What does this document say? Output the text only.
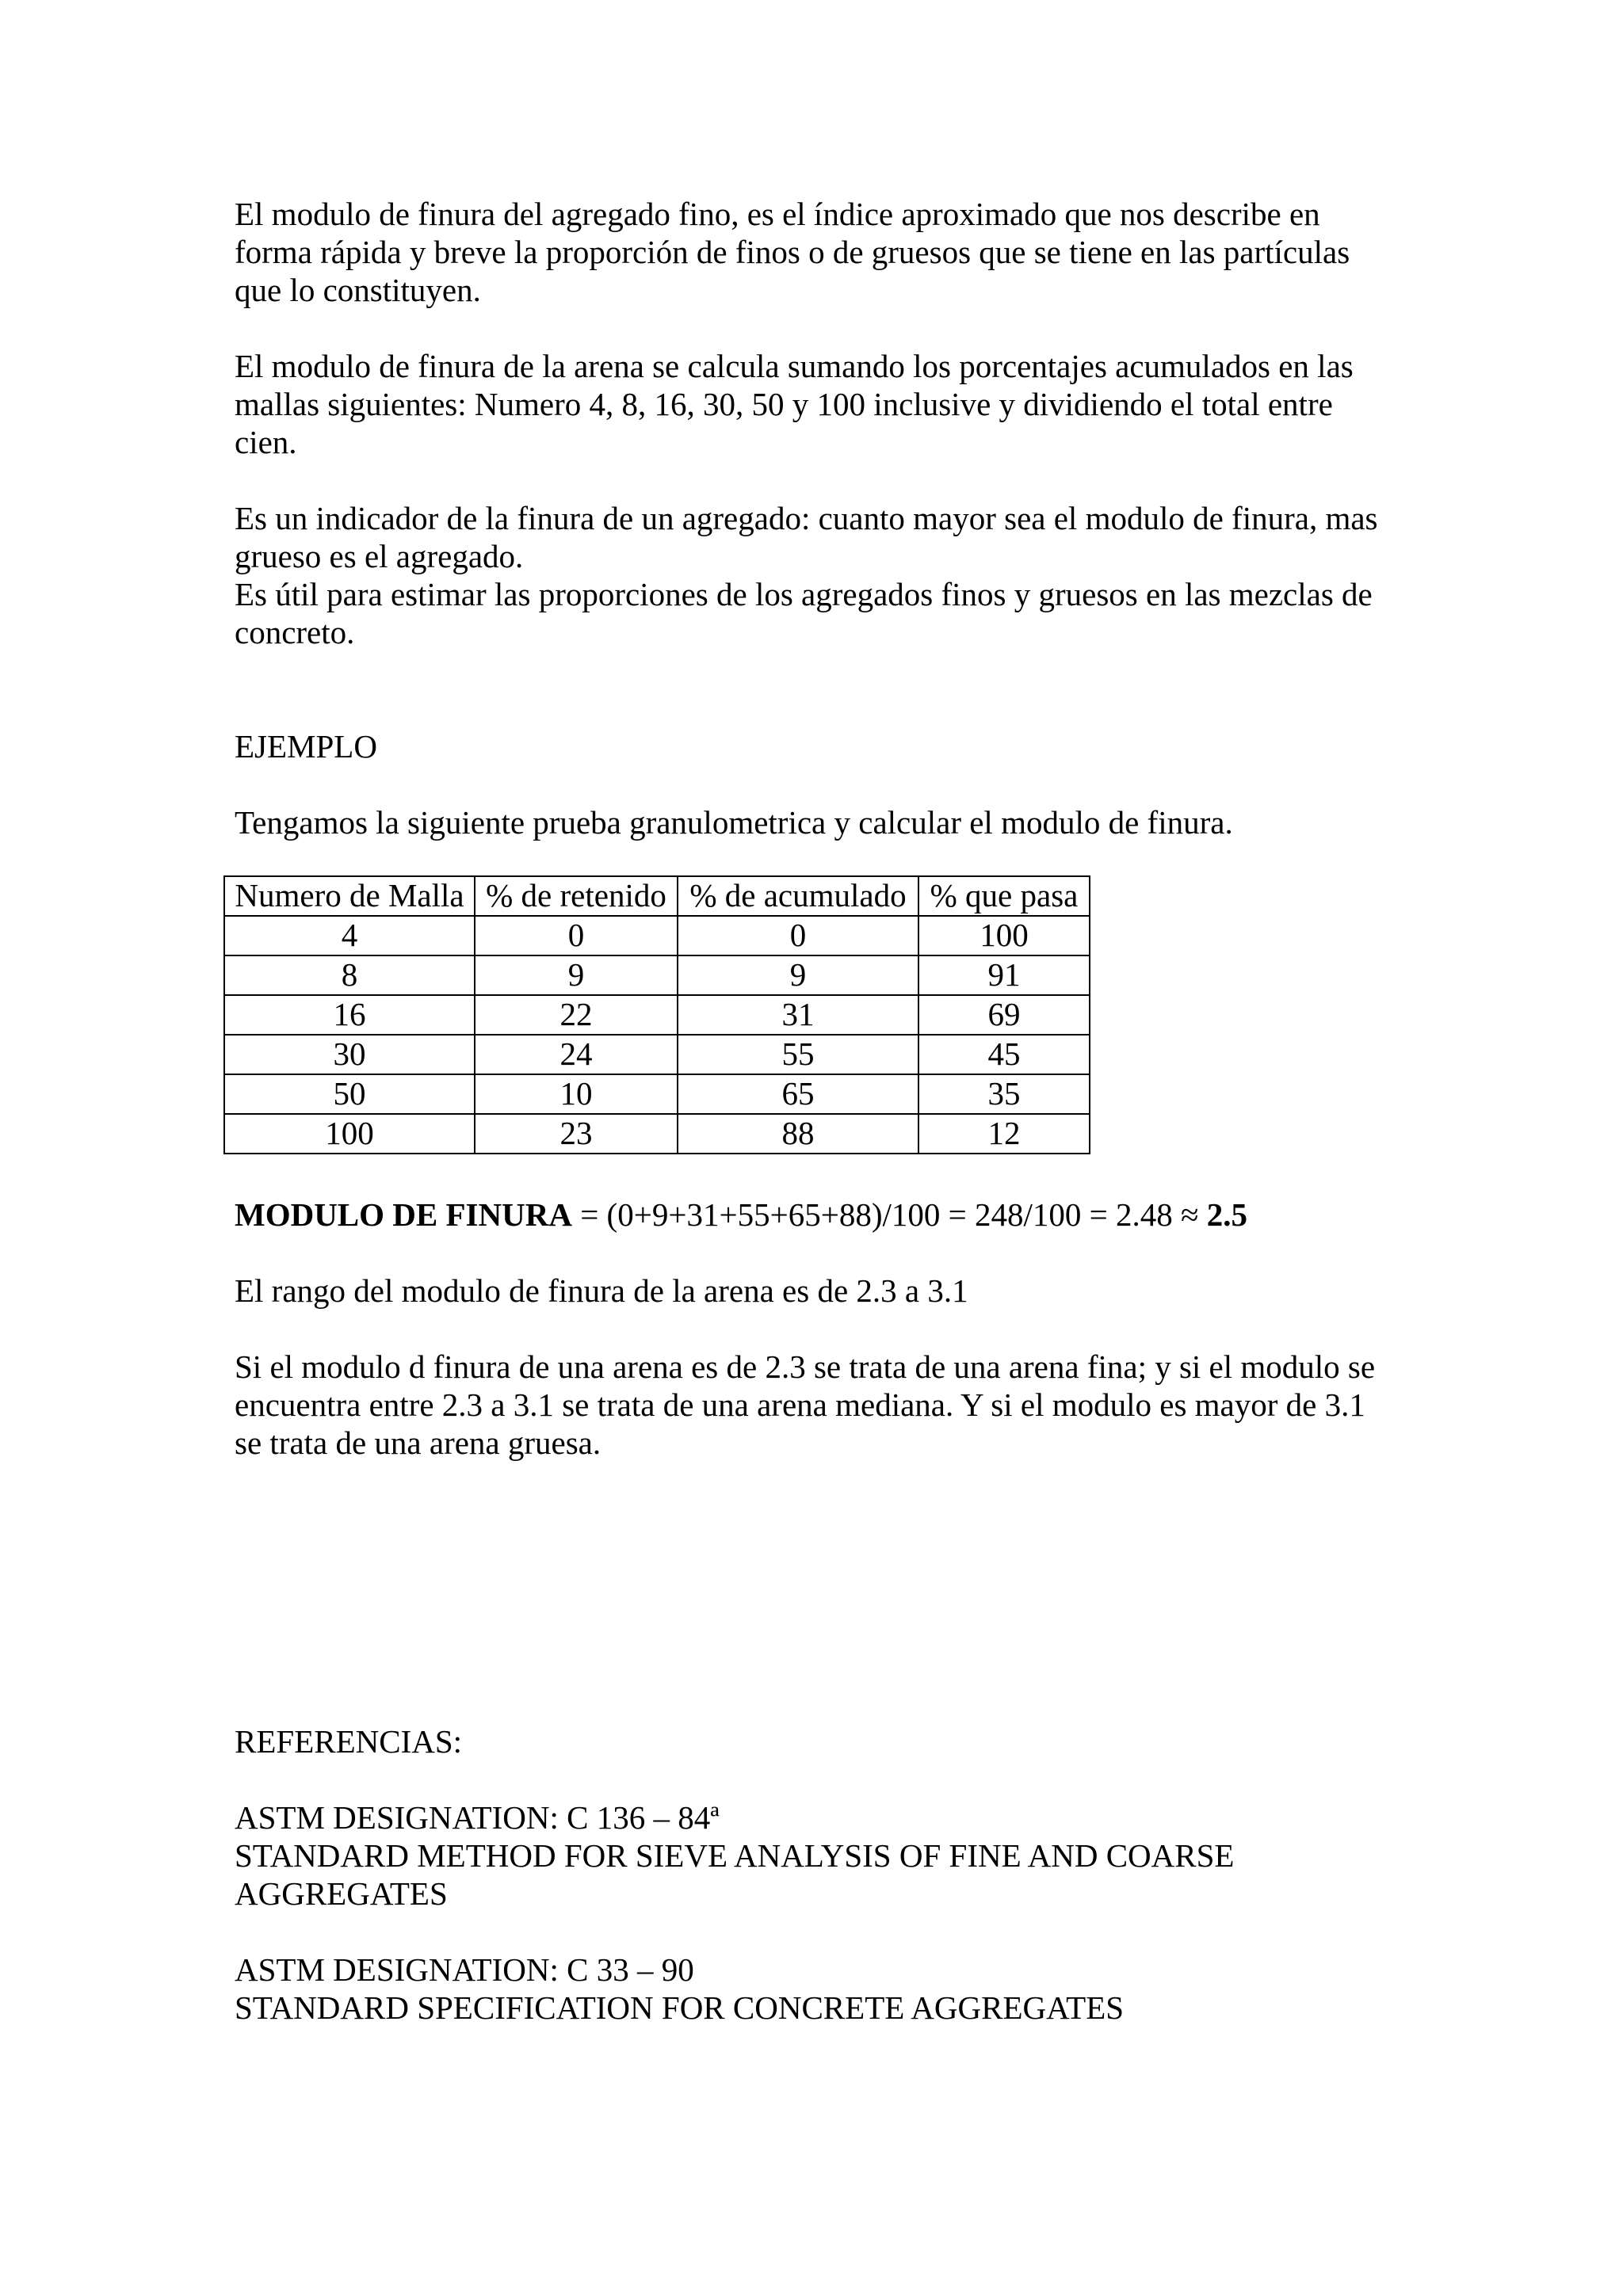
El modulo de finura del agregado fino, es el índice aproximado que nos describe en
forma rápida y breve la proporción de finos o de gruesos que se tiene en las partículas
que lo constituyen.

El modulo de finura de la arena se calcula sumando los porcentajes acumulados en las
mallas siguientes: Numero 4, 8, 16, 30, 50 y 100 inclusive y dividiendo el total entre
cien.

Es un indicador de la finura de un agregado: cuanto mayor sea el modulo de finura, mas
grueso es el agregado.
Es útil para estimar las proporciones de los agregados finos y gruesos en las mezclas de
concreto.

EJEMPLO

Tengamos la siguiente prueba granulometrica y calcular el modulo de finura.

Numero de Malla	% de retenido	% de acumulado	% que pasa
4	0	0	100
8	9	9	91
16	22	31	69
30	24	55	45
50	10	65	35
100	23	88	12

MODULO DE FINURA = (0+9+31+55+65+88)/100 = 248/100 = 2.48 ≈ 2.5

El rango del modulo de finura de la arena es de 2.3 a 3.1

Si el modulo d finura de una arena es de 2.3 se trata de una arena fina; y si el modulo se
encuentra entre 2.3 a 3.1 se trata de una arena mediana. Y si el modulo es mayor de 3.1
se trata de una arena gruesa.

REFERENCIAS:

ASTM DESIGNATION: C 136 – 84ª

STANDARD METHOD FOR SIEVE ANALYSIS OF FINE AND COARSE
AGGREGATES

ASTM DESIGNATION: C 33 – 90

STANDARD SPECIFICATION FOR CONCRETE AGGREGATES
